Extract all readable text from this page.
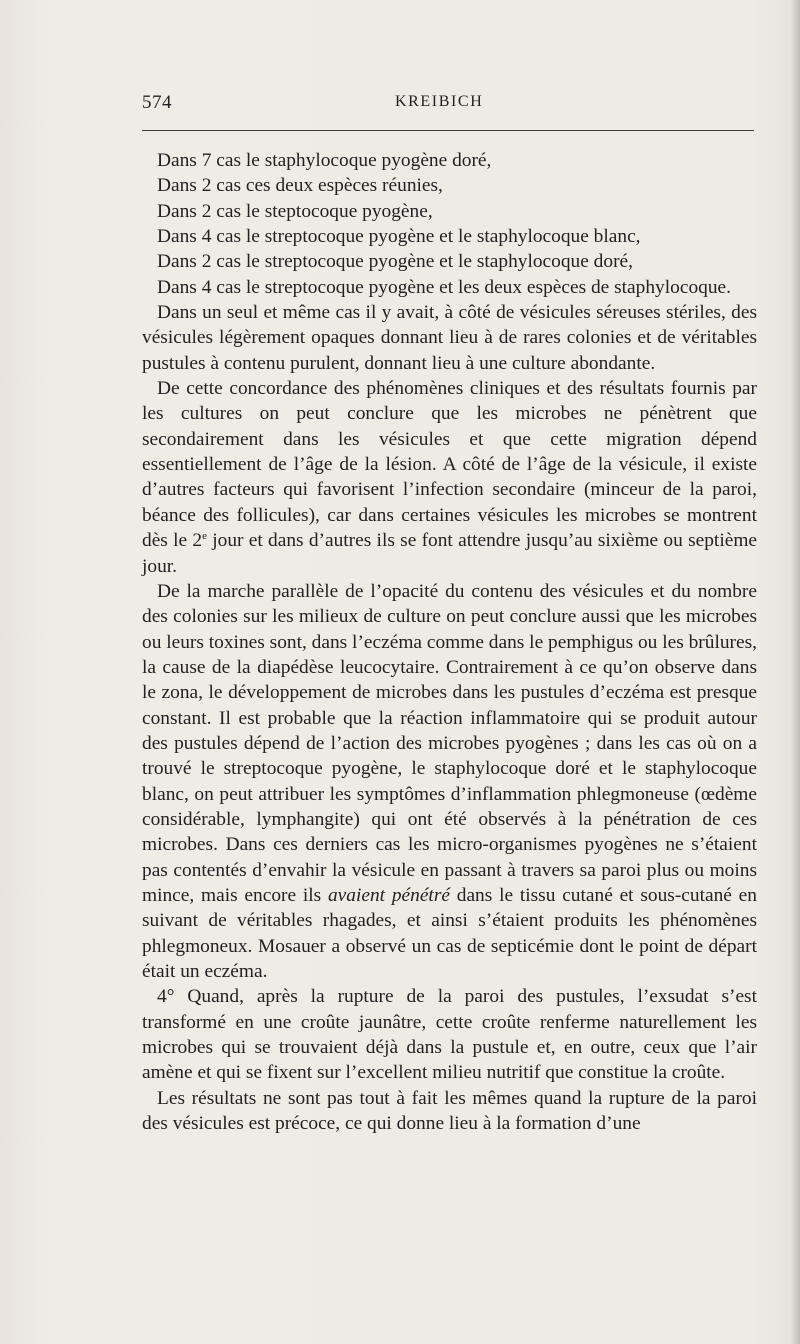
574	KREIBICH

Dans 7 cas le staphylocoque pyogène doré,

Dans 2 cas ces deux espèces réunies,

Dans 2 cas le steptocoque pyogène,

Dans 4 cas le streptocoque pyogène et le staphylocoque blanc,

Dans 2 cas le streptocoque pyogène et le staphylocoque doré,

Dans 4 cas le streptocoque pyogène et les deux espèces de staphylocoque.

Dans un seul et même cas il y avait, à côté de vésicules séreuses stériles, des vésicules légèrement opaques donnant lieu à de rares colonies et de véritables pustules à contenu purulent, donnant lieu à une culture abondante.

De cette concordance des phénomènes cliniques et des résultats fournis par les cultures on peut conclure que les microbes ne pénètrent que secondairement dans les vésicules et que cette migration dépend essentiellement de l’âge de la lésion. A côté de l’âge de la vésicule, il existe d’autres facteurs qui favorisent l’infection secondaire (minceur de la paroi, béance des follicules), car dans certaines vésicules les microbes se montrent dès le 2e jour et dans d’autres ils se font attendre jusqu’au sixième ou septième jour.

De la marche parallèle de l’opacité du contenu des vésicules et du nombre des colonies sur les milieux de culture on peut conclure aussi que les microbes ou leurs toxines sont, dans l’eczéma comme dans le pemphigus ou les brûlures, la cause de la diapédèse leucocytaire. Contrairement à ce qu’on observe dans le zona, le développement de microbes dans les pustules d’eczéma est presque constant. Il est probable que la réaction inflammatoire qui se produit autour des pustules dépend de l’action des microbes pyogènes ; dans les cas où on a trouvé le streptocoque pyogène, le staphylocoque doré et le staphylocoque blanc, on peut attribuer les symptômes d’inflammation phlegmoneuse (œdème considérable, lymphangite) qui ont été observés à la pénétration de ces microbes. Dans ces derniers cas les micro-organismes pyogènes ne s’étaient pas contentés d’envahir la vésicule en passant à travers sa paroi plus ou moins mince, mais encore ils avaient pénétré dans le tissu cutané et sous-cutané en suivant de véritables rhagades, et ainsi s’étaient produits les phénomènes phlegmoneux. Mosauer a observé un cas de septicémie dont le point de départ était un eczéma.

4° Quand, après la rupture de la paroi des pustules, l’exsudat s’est transformé en une croûte jaunâtre, cette croûte renferme naturellement les microbes qui se trouvaient déjà dans la pustule et, en outre, ceux que l’air amène et qui se fixent sur l’excellent milieu nutritif que constitue la croûte.

Les résultats ne sont pas tout à fait les mêmes quand la rupture de la paroi des vésicules est précoce, ce qui donne lieu à la formation d’une
